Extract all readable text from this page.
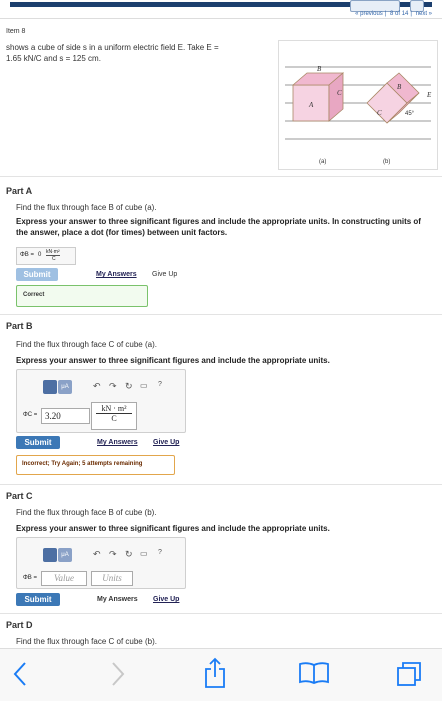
« previous | 8 of 14 | next »
Item 8
shows a cube of side s in a uniform electric field E. Take E =
1.65 kN/C and s = 125 cm.
A
B
C
B
C	45°
E
(a)	(b)
Part A
Find the flux through face B of cube (a).
Express your answer to three significant figures and include the appropriate units. In constructing units of the answer, place a dot (for times) between unit factors.
ΦB = 0 kN·m²
C
Submit	My Answers Give Up
Correct
Part B
Find the flux through face C of cube (a).
Express your answer to three significant figures and include the appropriate units.
μA	↶ ↷ ↻ ▭ ?
ΦC = 3.20
kN · m²
C
Submit	My Answers Give Up
Incorrect; Try Again; 5 attempts remaining
Part C
Find the flux through face B of cube (b).
Express your answer to three significant figures and include the appropriate units.
μA	↶ ↷ ↻ ▭ ?
ΦB =	Value	Units
Submit	My Answers Give Up
Part D
Find the flux through face C of cube (b).
